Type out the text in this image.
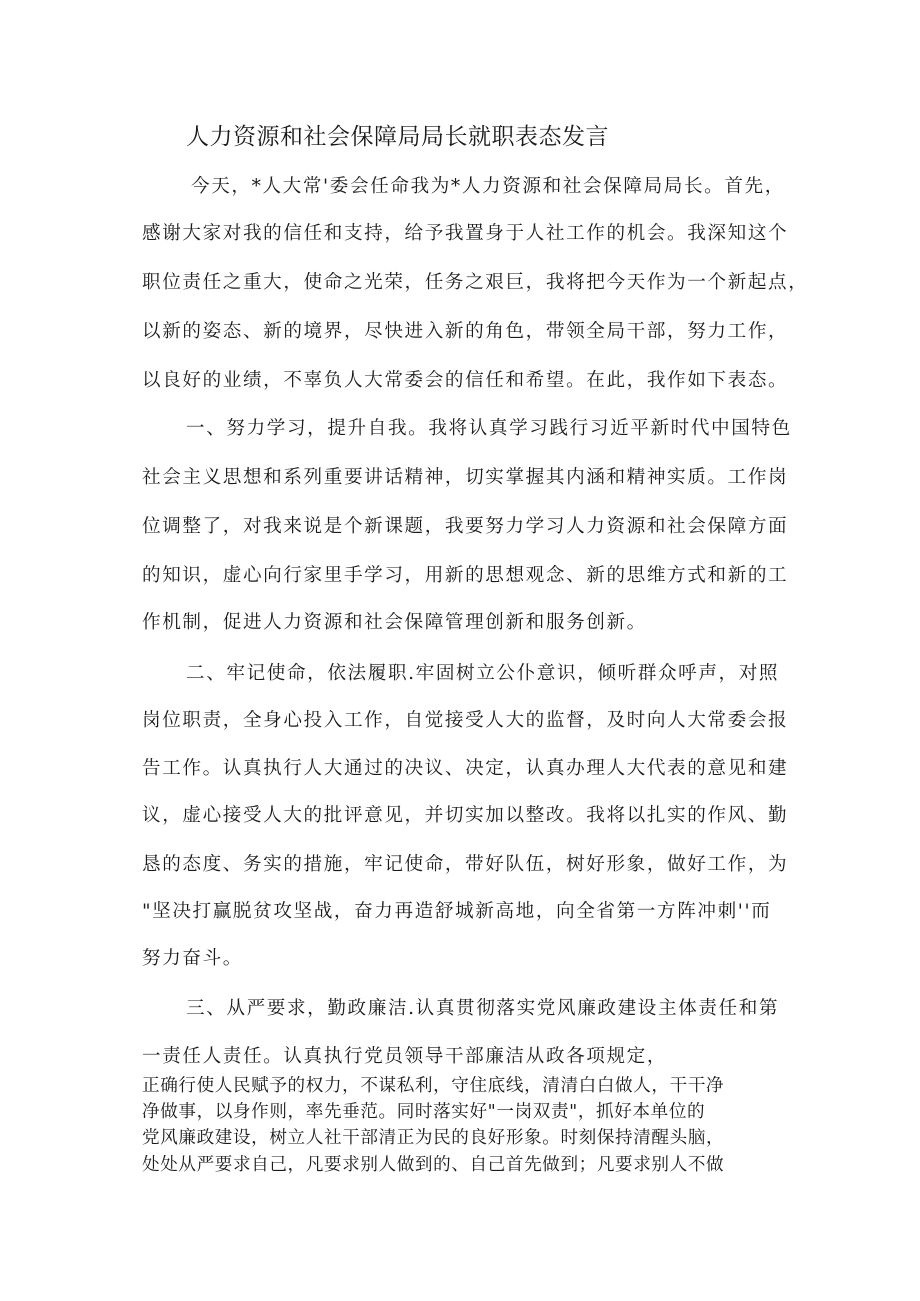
人力资源和社会保障局局长就职表态发言
今天，*人大常'委会任命我为*人力资源和社会保障局局长。首先，
感谢大家对我的信任和支持，给予我置身于人社工作的机会。我深知这个
职位责任之重大，使命之光荣，任务之艰巨，我将把今天作为一个新起点，
以新的姿态、新的境界，尽快进入新的角色，带领全局干部，努力工作，
以良好的业绩，不辜负人大常委会的信任和希望。在此，我作如下表态。
一、努力学习，提升自我。我将认真学习践行习近平新时代中国特色
社会主义思想和系列重要讲话精神，切实掌握其内涵和精神实质。工作岗
位调整了，对我来说是个新课题，我要努力学习人力资源和社会保障方面
的知识，虚心向行家里手学习，用新的思想观念、新的思维方式和新的工
作机制，促进人力资源和社会保障管理创新和服务创新。
二、牢记使命，依法履职.牢固树立公仆意识，倾听群众呼声，对照
岗位职责，全身心投入工作，自觉接受人大的监督，及时向人大常委会报
告工作。认真执行人大通过的决议、决定，认真办理人大代表的意见和建
议，虚心接受人大的批评意见，并切实加以整改。我将以扎实的作风、勤
恳的态度、务实的措施，牢记使命，带好队伍，树好形象，做好工作，为
"坚决打赢脱贫攻坚战，奋力再造舒城新高地，向全省第一方阵冲刺''而
努力奋斗。
三、从严要求，勤政廉洁.认真贯彻落实党风廉政建设主体责任和第
一责任人责任。认真执行党员领导干部廉洁从政各项规定，
正确行使人民赋予的权力，不谋私利，守住底线，清清白白做人，干干净
净做事，以身作则，率先垂范。同时落实好"一岗双责"，抓好本单位的
党风廉政建设，树立人社干部清正为民的良好形象。时刻保持清醒头脑，
处处从严要求自己，凡要求别人做到的、自己首先做到；凡要求别人不做
